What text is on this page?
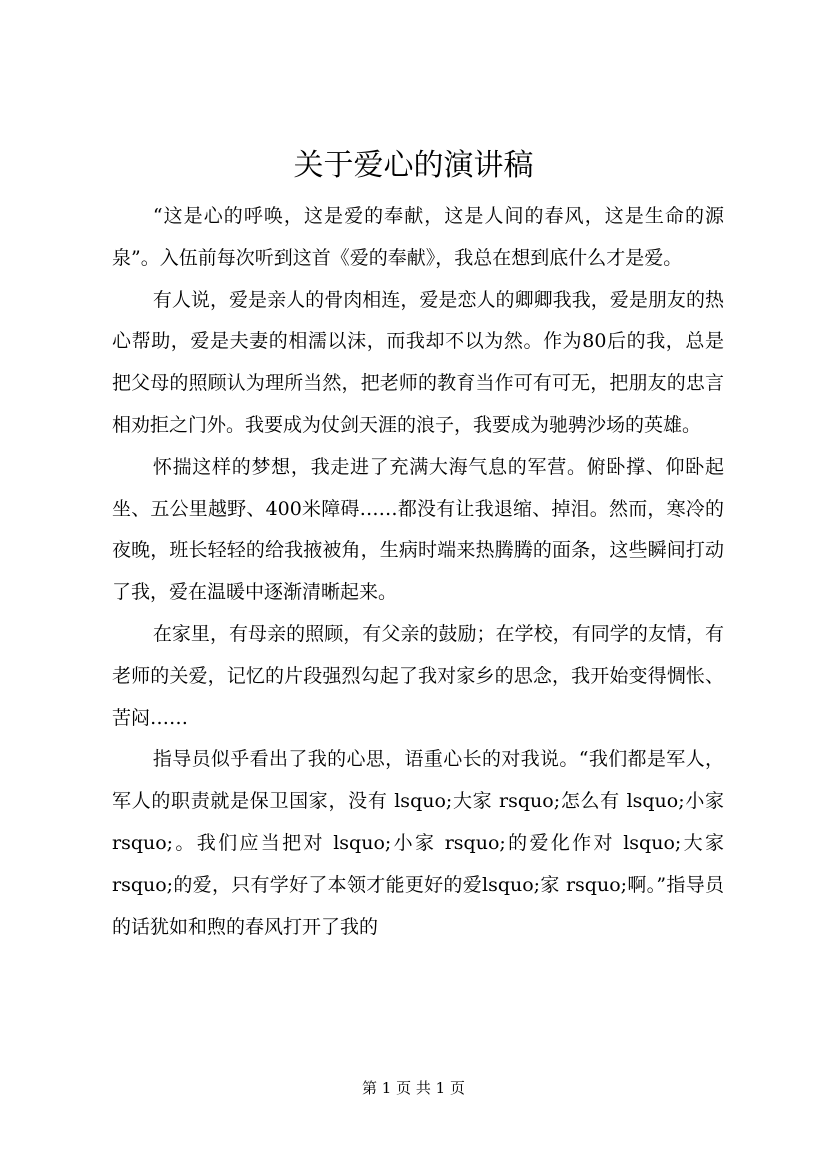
关于爱心的演讲稿

“这是心的呼唤，这是爱的奉献，这是人间的春风，这是生命的源泉”。入伍前每次听到这首《爱的奉献》，我总在想到底什么才是爱。

有人说，爱是亲人的骨肉相连，爱是恋人的卿卿我我，爱是朋友的热心帮助，爱是夫妻的相濡以沫，而我却不以为然。作为80后的我，总是把父母的照顾认为理所当然，把老师的教育当作可有可无，把朋友的忠言相劝拒之门外。我要成为仗剑天涯的浪子，我要成为驰骋沙场的英雄。

怀揣这样的梦想，我走进了充满大海气息的军营。俯卧撑、仰卧起坐、五公里越野、400米障碍……都没有让我退缩、掉泪。然而，寒冷的夜晚，班长轻轻的给我掖被角，生病时端来热腾腾的面条，这些瞬间打动了我，爱在温暖中逐渐清晰起来。

在家里，有母亲的照顾，有父亲的鼓励；在学校，有同学的友情，有老师的关爱，记忆的片段强烈勾起了我对家乡的思念，我开始变得惆怅、苦闷……

指导员似乎看出了我的心思，语重心长的对我说。“我们都是军人，军人的职责就是保卫国家，没有 lsquo;大家 rsquo;怎么有 lsquo;小家 rsquo;。我们应当把对 lsquo;小家 rsquo;的爱化作对 lsquo;大家 rsquo;的爱，只有学好了本领才能更好的爱lsquo;家 rsquo;啊。”指导员的话犹如和煦的春风打开了我的

第 1 页 共 1 页
